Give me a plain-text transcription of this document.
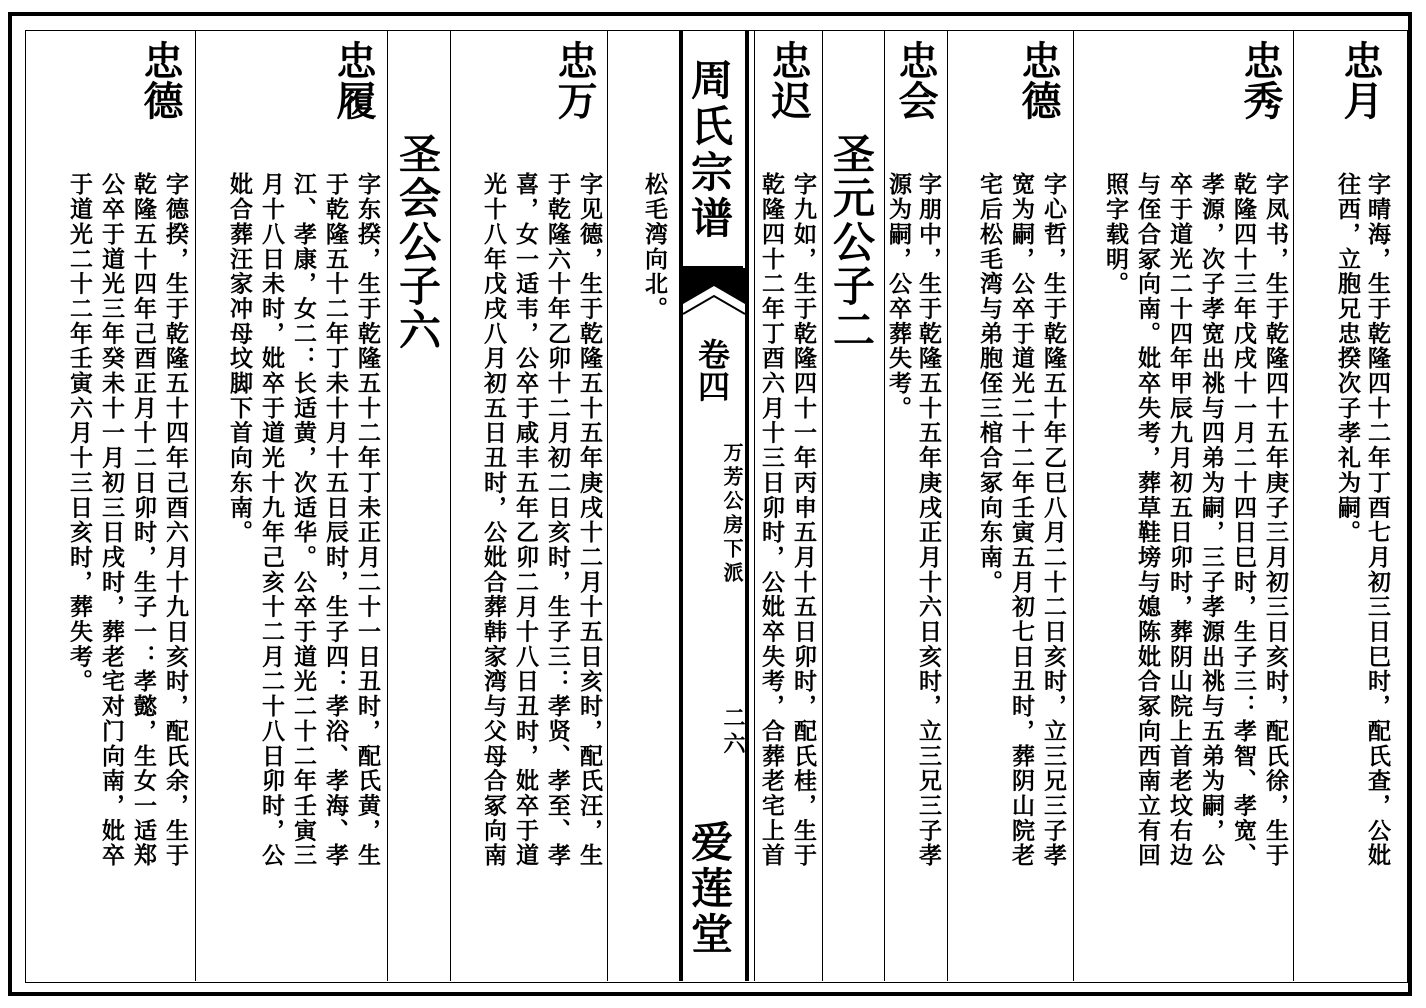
周氏宗谱
卷四
万芳公房下派
二六
爱莲堂
忠月
字晴海，生于乾隆四十二年丁酉七月初三日巳时，配氏查，公妣
往西，立胞兄忠揆次子孝礼为嗣。
忠秀
字凤书，生于乾隆四十五年庚子三月初三日亥时，配氏徐，生于
乾隆四十三年戊戌十一月二十四日巳时，生子三：孝智、孝宽、
孝源，次子孝宽出祧与四弟为嗣，三子孝源出祧与五弟为嗣，公
卒于道光二十四年甲辰九月初五日卯时，葬阴山院上首老坟右边
与侄合冢向南。妣卒失考，葬草鞋塝与媳陈妣合冢向西南立有回
照字载明。
忠德
字心哲，生于乾隆五十年乙巳八月二十二日亥时，立三兄三子孝
宽为嗣，公卒于道光二十二年壬寅五月初七日丑时，葬阴山院老
宅后松毛湾与弟胞侄三棺合冢向东南。
忠会
字朋中，生于乾隆五十五年庚戌正月十六日亥时，立三兄三子孝
源为嗣，公卒葬失考。
圣元公子二
忠迟
字九如，生于乾隆四十一年丙申五月十五日卯时，配氏桂，生于
乾隆四十二年丁酉六月十三日卯时，公妣卒失考，合葬老宅上首
松毛湾向北。
忠万
字见德，生于乾隆五十五年庚戌十二月十五日亥时，配氏汪，生
于乾隆六十年乙卯十二月初二日亥时，生子三：孝贤、孝至、孝
喜，女一适韦，公卒于咸丰五年乙卯二月十八日丑时，妣卒于道
光十八年戊戌八月初五日丑时，公妣合葬韩家湾与父母合冢向南
圣会公子六
忠履
字东揆，生于乾隆五十二年丁未正月二十一日丑时，配氏黄，生
于乾隆五十二年丁未十月十五日辰时，生子四：孝浴、孝海、孝
江、孝康，女二：长适黄，次适华。公卒于道光二十二年壬寅三
月十八日未时，妣卒于道光十九年己亥十二月二十八日卯时，公
妣合葬汪家冲母坟脚下首向东南。
忠德
字德揆，生于乾隆五十四年己酉六月十九日亥时，配氏余，生于
乾隆五十四年己酉正月十二日卯时，生子一：孝懿，生女一适郑
公卒于道光三年癸未十一月初三日戌时，葬老宅对门向南，妣卒
于道光二十二年壬寅六月十三日亥时，葬失考。
